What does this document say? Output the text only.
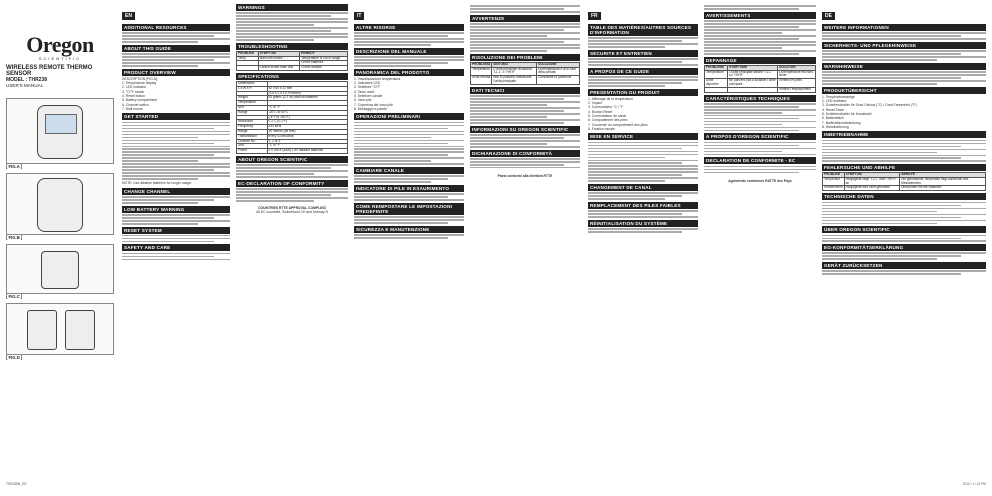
Oregon
SCIENTIFIC
WIRELESS REMOTE THERMO SENSOR
MODEL : THR238
USER'S MANUAL
[ FIG.A ]
[ FIG.B ]
[ FIG.C ]
[ FIG.D ]
THR238N_EN
EN
ADDITIONAL RESOURCES
ABOUT THIS GUIDE
PRODUCT OVERVIEW
DESCRIPTION [FIG.A]:
1. Temperature display
2. LED indicator
3. °C/°F switch
4. Reset button
5. Battery compartment
6. Channel switch
7. Wall mount
GET STARTED
NOTE: Use alkaline batteries for longer usage.
CHANGE CHANNEL
LOW BATTERY WARNING
RESET SYSTEM
SAFETY AND CARE
WARNINGS
TROUBLESHOOTING
PROBLEM	SYMPTOM	REMEDY
Temp	Main unit shows "- -"	Temperature is out of range
		Check batteries
	Cannot locate main unit	Check location
SPECIFICATIONS
Dimensions	
L x W x H	92 x 60 x 22 mm
	(3.6 x 2.4 x 0.9 inches)
Weight	63 grams (2.2 oz) without batteries
Temperature	
Unit	°C or °F
Range	-20°C to 60°C
	(-4°F to 140°F)
Resolution	0.1°C (0.2°F)
Frequency	433 MHz
Range	30 metres (98 feet)
Transmission	every 43 seconds
Channel No.	1, 2 or 3
Unit	°C or °F
Power	2 x UM-4 (AAA) 1.5V alkaline batteries
ABOUT OREGON SCIENTIFIC
EC-DECLARATION OF CONFORMITY
COUNTRIES RTTE APPROVAL COMPLIED
All EC countries, Switzerland CH and Norway N
IT
ALTRE RISORSE
DESCRIZIONE DEL MANUALE
PANORAMICA DEL PRODOTTO
1. Visualizzazione temperatura
2. Indicatore LED
3. Selettore °C/°F
4. Tasto reset
5. Selettore canale
6. Vano pile
7. Copertura del vano pile
8. Montaggio a parete
OPERAZIONI PRELIMINARI
CAMBIARE CANALE
INDICATORE DI PILE IN ESAURIMENTO
COME REIMPOSTARE LE IMPOSTAZIONI PREDEFINITE
SICUREZZA E MANUTENZIONE
AVVERTENZE
RISOLUZIONE DEI PROBLEMI
PROBLEMA	SINTOMO	SOLUZIONE
Temperatura	L'unità principale visualizza "LL.L" o "HH.H"	La temperatura è al di fuori della portata
Unità remota	Non si possono individuare l'unità principale	Controllare la posizione
DATI TECNICI
INFORMAZIONI SU OREGON SCIENTIFIC
DICHIARAZIONE DI CONFORMITÀ
Paesi conformi alla direttiva RTTE
FR
TABLE DES MATIÈRES/AUTRES SOURCES D'INFORMATION
SECURITE ET ENTRETIEN
A PROPOS DE CE GUIDE
PRESENTATION DU PRODUIT
1. Affichage de la température
2. Voyant
3. Commutateur °C / °F
4. Bouton Reset
5. Commutateur de canal
6. Compartiment des piles
7. Couvercle du compartiment des piles
8. Fixation murale
MISE EN SERVICE
CHANGEMENT DE CANAL
REMPLACEMENT DES PILES FAIBLES
RÉINITIALISATION DU SYSTÈME
AVERTISSEMENTS
DEPANNAGE
PROBLÈME	SYMPTÔME	SOLUTION
Température	L'unité principale affiche "LL.L" ou "HH.H"	La température est hors limite
Unité déportée	Ne parvient pas à localiser l'unité principale	Vérifiez les piles
		Vérifiez l'emplacement
CARACTÉRISTIQUES TECHNIQUES
A PROPOS D'OREGON SCIENTIFIC
DECLARATION DE CONFORMITE - EC
Agréments conformes RATTE des Pays
DE
WEITERE INFORMATIONEN
SICHERHEITS- UND PFLEGEHINWEISE
WARNHINWEISE
PRODUKTÜBERSICHT
1. Temperaturanzeige
2. LED-Indikator
3. Schiebeschalter für Grad Celsius (°C) / Grad Fahrenheit (°F)
4. Reset-Taste
5. Schiebeschalter für Kanalwahl
6. Batteriefach
7. Batteriefachabdeckung
8. Wandhalterung
INBETRIEBNAHME
FEHLERSUCHE UND ABHILFE
PROBLEM	SYMPTOM	ABHILFE
Temperatur	Hauptgerät zeigt "LL.L" oder "HH.H" an	Die gemessene Temperatur liegt außerhalb des Messbereichs
Sendeeinheit	Hauptgerät wird nicht gefunden	Überprüfen Sie die Batterien
TECHNISCHE DATEN
ÜBER OREGON SCIENTIFIC
EG-KONFORMITÄTSERKLÄRUNG
GERÄT ZURÜCKSETZEN
2010 / 1 / 14 PM
